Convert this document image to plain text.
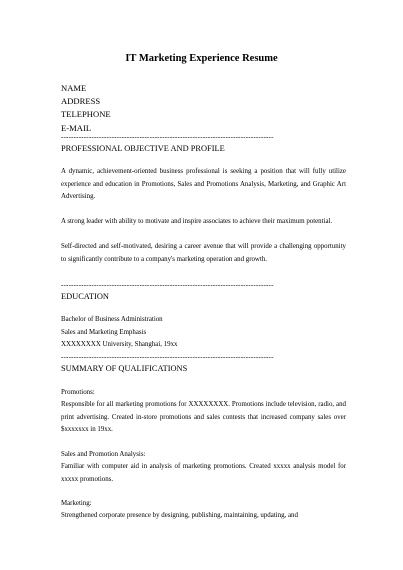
IT Marketing Experience Resume
NAME
ADDRESS
TELEPHONE
E-MAIL
------------------------------------------------------------------------------------
PROFESSIONAL OBJECTIVE AND PROFILE
A dynamic, achievement-oriented business professional is seeking a position that will fully utilize experience and education in Promotions, Sales and Promotions Analysis, Marketing, and Graphic Art Advertising.
A strong leader with ability to motivate and inspire associates to achieve their maximum potential.
Self-directed and self-motivated, desiring a career avenue that will provide a challenging opportunity to significantly contribute to a company's marketing operation and growth.
------------------------------------------------------------------------------------
EDUCATION
Bachelor of Business Administration
Sales and Marketing Emphasis
XXXXXXXX University, Shanghai, 19xx
------------------------------------------------------------------------------------
SUMMARY OF QUALIFICATIONS
Promotions:
Responsible for all marketing promotions for XXXXXXXX. Promotions include television, radio, and print advertising. Created in-store promotions and sales contests that increased company sales over $xxxxxxx in 19xx.
Sales and Promotion Analysis:
Familiar with computer aid in analysis of marketing promotions. Created xxxxx analysis model for xxxxx promotions.
Marketing:
Strengthened corporate presence by designing, publishing, maintaining, updating, and
